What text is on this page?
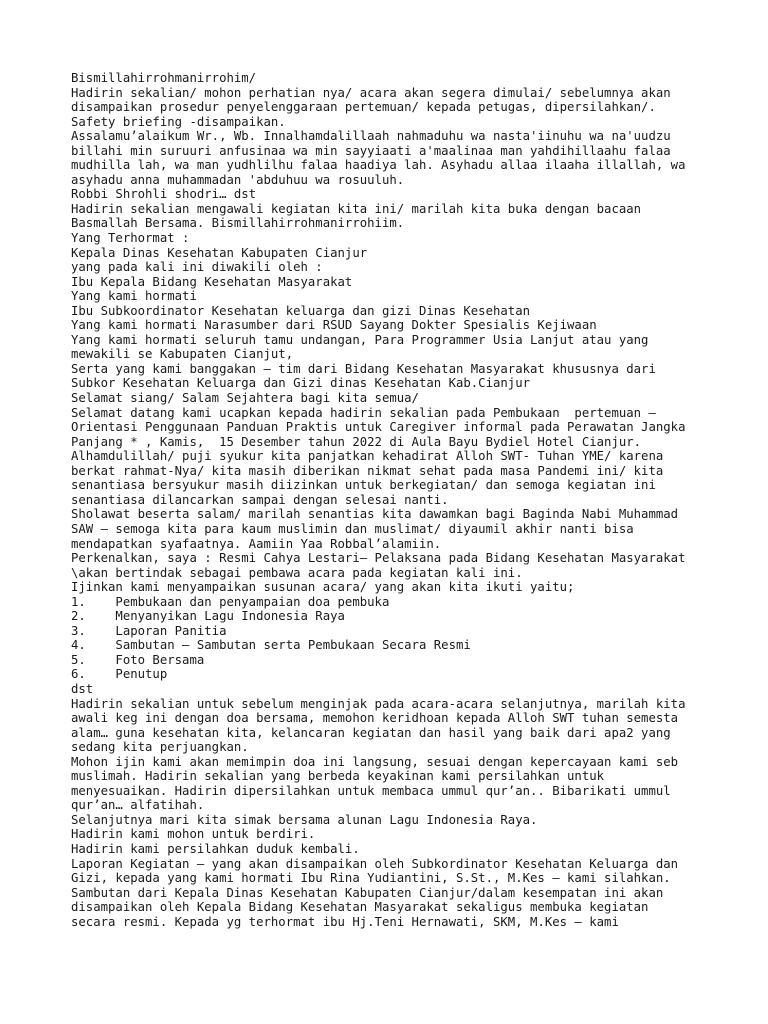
Bismillahirrohmanirrohim/
Hadirin sekalian/ mohon perhatian nya/ acara akan segera dimulai/ sebelumnya akan
disampaikan prosedur penyelenggaraan pertemuan/ kepada petugas, dipersilahkan/.
Safety briefing -disampaikan.
Assalamu’alaikum Wr., Wb. Innalhamdalillaah nahmaduhu wa nasta'iinuhu wa na'uudzu
billahi min suruuri anfusinaa wa min sayyiaati a'maalinaa man yahdihillaahu falaa
mudhilla lah, wa man yudhlilhu falaa haadiya lah. Asyhadu allaa ilaaha illallah, wa
asyhadu anna muhammadan 'abduhuu wa rosuuluh.
Robbi Shrohli shodri… dst
Hadirin sekalian mengawali kegiatan kita ini/ marilah kita buka dengan bacaan
Basmallah Bersama. Bismillahirrohmanirrohiim.
Yang Terhormat :
Kepala Dinas Kesehatan Kabupaten Cianjur
yang pada kali ini diwakili oleh :
Ibu Kepala Bidang Kesehatan Masyarakat
Yang kami hormati
Ibu Subkoordinator Kesehatan keluarga dan gizi Dinas Kesehatan
Yang kami hormati Narasumber dari RSUD Sayang Dokter Spesialis Kejiwaan
Yang kami hormati seluruh tamu undangan, Para Programmer Usia Lanjut atau yang
mewakili se Kabupaten Cianjut,
Serta yang kami banggakan – tim dari Bidang Kesehatan Masyarakat khususnya dari
Subkor Kesehatan Keluarga dan Gizi dinas Kesehatan Kab.Cianjur
Selamat siang/ Salam Sejahtera bagi kita semua/
Selamat datang kami ucapkan kepada hadirin sekalian pada Pembukaan  pertemuan –
Orientasi Penggunaan Panduan Praktis untuk Caregiver informal pada Perawatan Jangka
Panjang * , Kamis,  15 Desember tahun 2022 di Aula Bayu Bydiel Hotel Cianjur.
Alhamdulillah/ puji syukur kita panjatkan kehadirat Alloh SWT- Tuhan YME/ karena
berkat rahmat-Nya/ kita masih diberikan nikmat sehat pada masa Pandemi ini/ kita
senantiasa bersyukur masih diizinkan untuk berkegiatan/ dan semoga kegiatan ini
senantiasa dilancarkan sampai dengan selesai nanti.
Sholawat beserta salam/ marilah senantias kita dawamkan bagi Baginda Nabi Muhammad
SAW – semoga kita para kaum muslimin dan muslimat/ diyaumil akhir nanti bisa
mendapatkan syafaatnya. Aamiin Yaa Robbal’alamiin.
Perkenalkan, saya : Resmi Cahya Lestari– Pelaksana pada Bidang Kesehatan Masyarakat
\akan bertindak sebagai pembawa acara pada kegiatan kali ini.
Ijinkan kami menyampaikan susunan acara/ yang akan kita ikuti yaitu;
1.    Pembukaan dan penyampaian doa pembuka
2.    Menyanyikan Lagu Indonesia Raya
3.    Laporan Panitia
4.    Sambutan – Sambutan serta Pembukaan Secara Resmi
5.    Foto Bersama
6.    Penutup
dst
Hadirin sekalian untuk sebelum menginjak pada acara-acara selanjutnya, marilah kita
awali keg ini dengan doa bersama, memohon keridhoan kepada Alloh SWT tuhan semesta
alam… guna kesehatan kita, kelancaran kegiatan dan hasil yang baik dari apa2 yang
sedang kita perjuangkan.
Mohon ijin kami akan memimpin doa ini langsung, sesuai dengan kepercayaan kami seb
muslimah. Hadirin sekalian yang berbeda keyakinan kami persilahkan untuk
menyesuaikan. Hadirin dipersilahkan untuk membaca ummul qur’an.. Bibarikati ummul
qur’an… alfatihah.
Selanjutnya mari kita simak bersama alunan Lagu Indonesia Raya.
Hadirin kami mohon untuk berdiri.
Hadirin kami persilahkan duduk kembali.
Laporan Kegiatan – yang akan disampaikan oleh Subkordinator Kesehatan Keluarga dan
Gizi, kepada yang kami hormati Ibu Rina Yudiantini, S.St., M.Kes – kami silahkan.
Sambutan dari Kepala Dinas Kesehatan Kabupaten Cianjur/dalam kesempatan ini akan
disampaikan oleh Kepala Bidang Kesehatan Masyarakat sekaligus membuka kegiatan
secara resmi. Kepada yg terhormat ibu Hj.Teni Hernawati, SKM, M.Kes – kami
